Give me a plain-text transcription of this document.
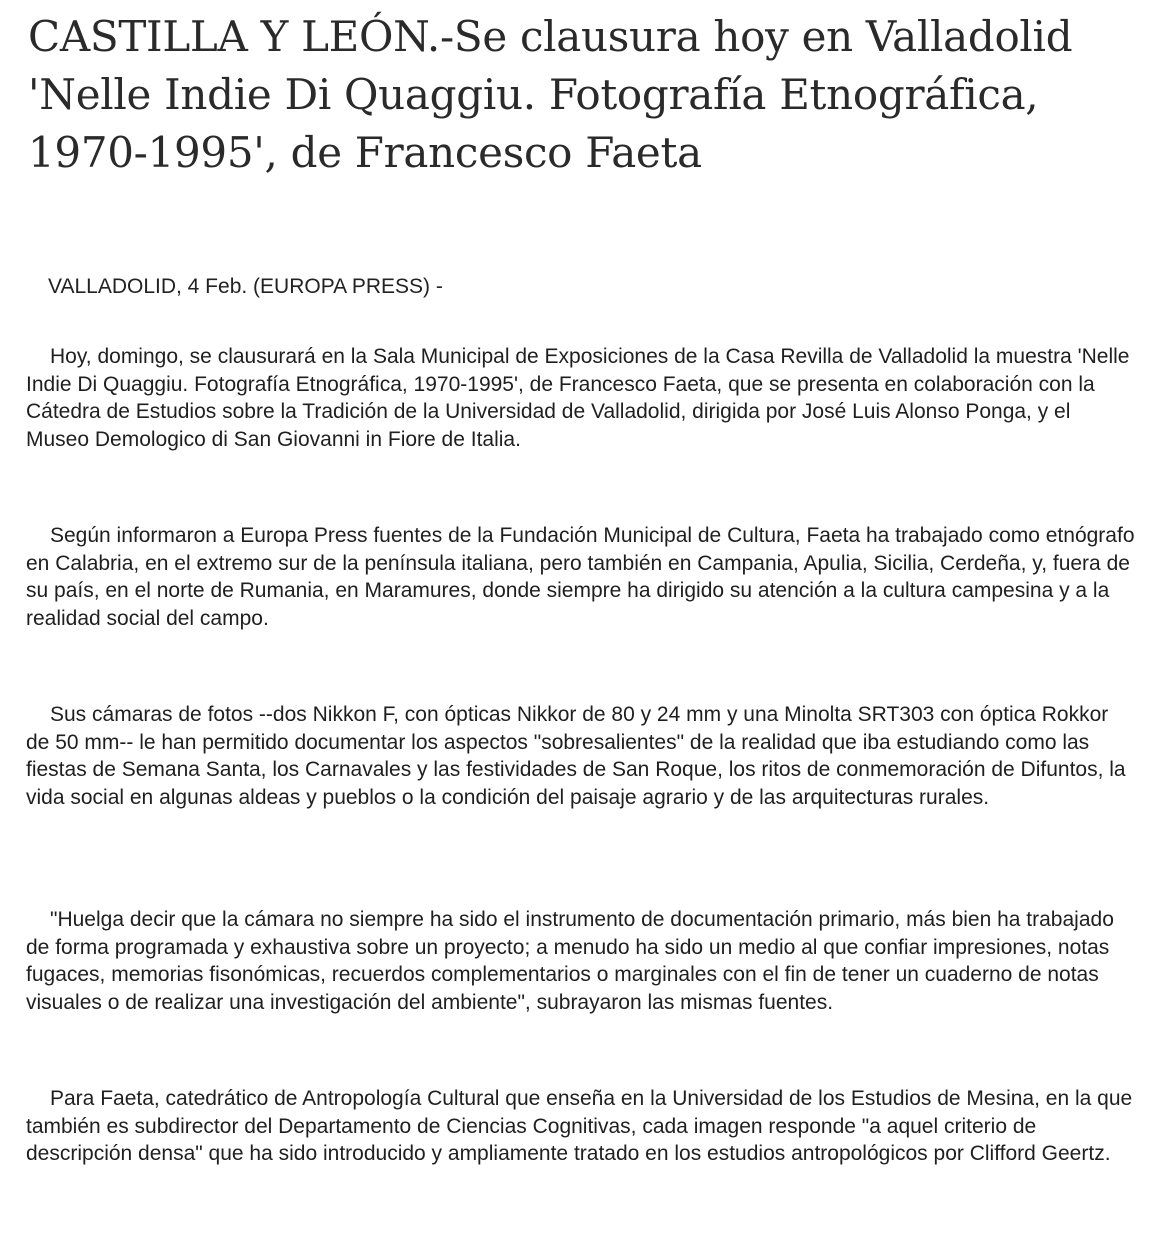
CASTILLA Y LEÓN.-Se clausura hoy en Valladolid 'Nelle Indie Di Quaggiu. Fotografía Etnográfica, 1970-1995', de Francesco Faeta

VALLADOLID, 4 Feb. (EUROPA PRESS) -

Hoy, domingo, se clausurará en la Sala Municipal de Exposiciones de la Casa Revilla de Valladolid la muestra 'Nelle Indie Di Quaggiu. Fotografía Etnográfica, 1970-1995', de Francesco Faeta, que se presenta en colaboración con la Cátedra de Estudios sobre la Tradición de la Universidad de Valladolid, dirigida por José Luis Alonso Ponga, y el Museo Demologico di San Giovanni in Fiore de Italia.

Según informaron a Europa Press fuentes de la Fundación Municipal de Cultura, Faeta ha trabajado como etnógrafo en Calabria, en el extremo sur de la península italiana, pero también en Campania, Apulia, Sicilia, Cerdeña, y, fuera de su país, en el norte de Rumania, en Maramures, donde siempre ha dirigido su atención a la cultura campesina y a la realidad social del campo.

Sus cámaras de fotos --dos Nikkon F, con ópticas Nikkor de 80 y 24 mm y una Minolta SRT303 con óptica Rokkor de 50 mm-- le han permitido documentar los aspectos "sobresalientes" de la realidad que iba estudiando como las fiestas de Semana Santa, los Carnavales y las festividades de San Roque, los ritos de conmemoración de Difuntos, la vida social en algunas aldeas y pueblos o la condición del paisaje agrario y de las arquitecturas rurales.

"Huelga decir que la cámara no siempre ha sido el instrumento de documentación primario, más bien ha trabajado de forma programada y exhaustiva sobre un proyecto; a menudo ha sido un medio al que confiar impresiones, notas fugaces, memorias fisonómicas, recuerdos complementarios o marginales con el fin de tener un cuaderno de notas visuales o de realizar una investigación del ambiente", subrayaron las mismas fuentes.

Para Faeta, catedrático de Antropología Cultural que enseña en la Universidad de los Estudios de Mesina, en la que también es subdirector del Departamento de Ciencias Cognitivas, cada imagen responde "a aquel criterio de descripción densa" que ha sido introducido y ampliamente tratado en los estudios antropológicos por Clifford Geertz.
